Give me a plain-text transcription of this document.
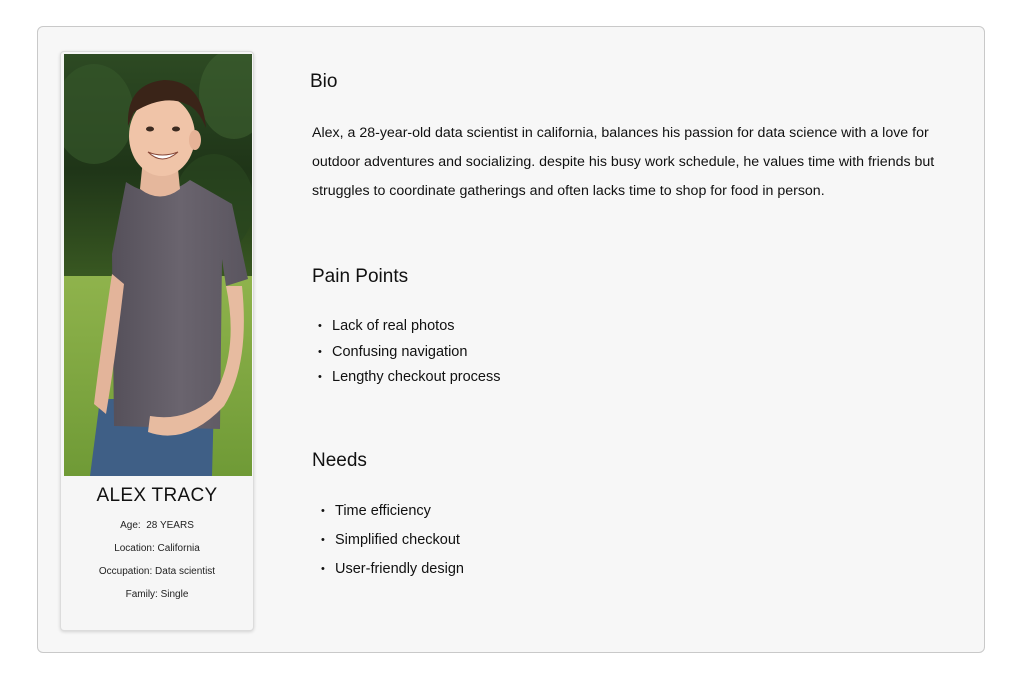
ALEX TRACY
Age: 28 YEARS
Location: California
Occupation: Data scientist
Family: Single
Bio
Alex, a 28-year-old data scientist in california, balances his passion for data science with a love for outdoor adventures and socializing. despite his busy work schedule, he values time with friends but struggles to coordinate gatherings and often lacks time to shop for food in person.
Pain Points
• Lack of real photos
• Confusing navigation
• Lengthy checkout process
Needs
• Time efficiency
• Simplified checkout
• User-friendly design
